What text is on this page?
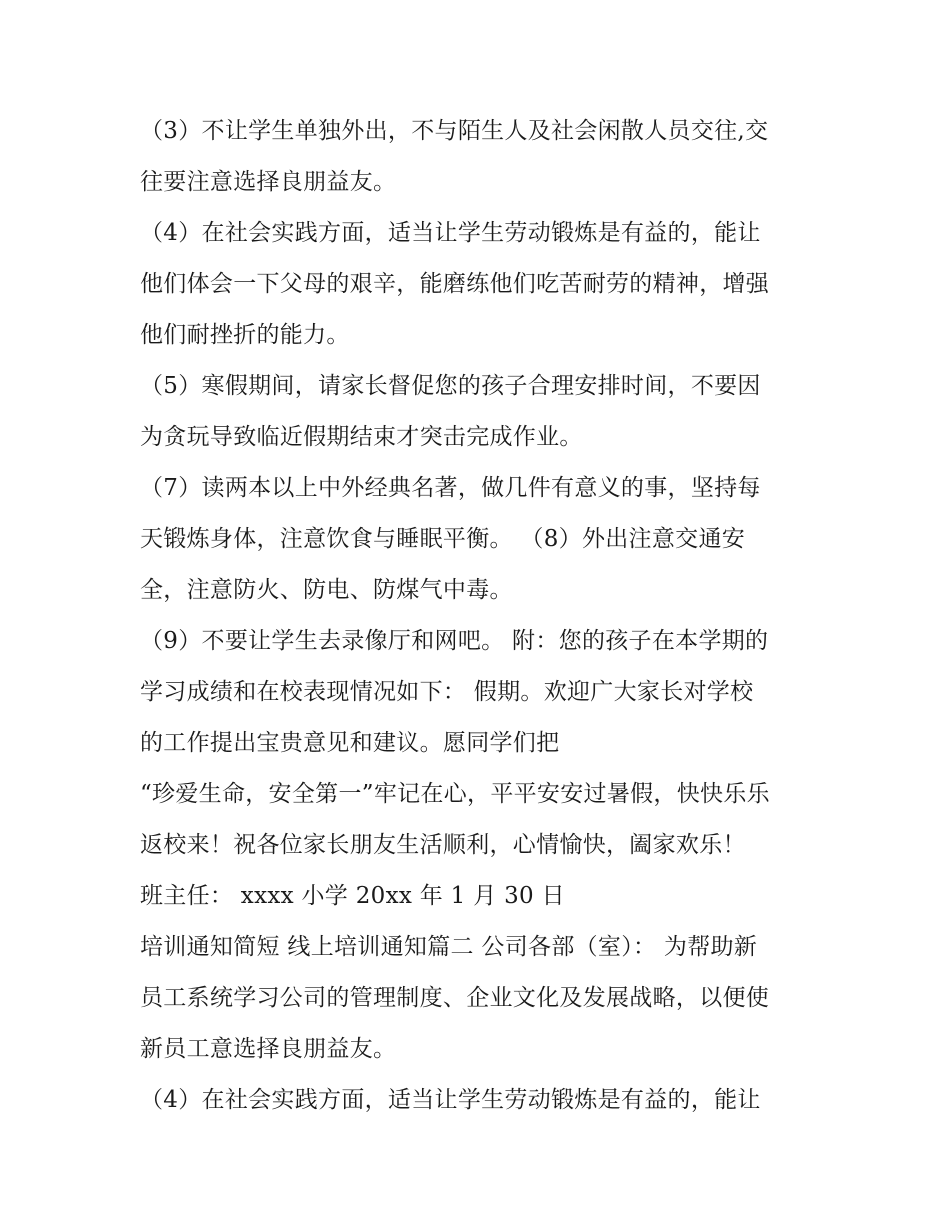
（3）不让学生单独外出，不与陌生人及社会闲散人员交往,交
往要注意选择良朋益友。
（4）在社会实践方面，适当让学生劳动锻炼是有益的，能让
他们体会一下父母的艰辛，能磨练他们吃苦耐劳的精神，增强
他们耐挫折的能力。
（5）寒假期间，请家长督促您的孩子合理安排时间，不要因
为贪玩导致临近假期结束才突击完成作业。
（7）读两本以上中外经典名著，做几件有意义的事，坚持每
天锻炼身体，注意饮食与睡眠平衡。 （8）外出注意交通安
全，注意防火、防电、防煤气中毒。
（9）不要让学生去录像厅和网吧。 附：您的孩子在本学期的
学习成绩和在校表现情况如下： 假期。欢迎广大家长对学校
的工作提出宝贵意见和建议。愿同学们把
“珍爱生命，安全第一”牢记在心，平平安安过暑假，快快乐乐
返校来！祝各位家长朋友生活顺利，心情愉快，阖家欢乐！
班主任： xxxx 小学 20xx 年 1 月 30 日
培训通知简短 线上培训通知篇二 公司各部（室）： 为帮助新
员工系统学习公司的管理制度、企业文化及发展战略，以便使
新员工意选择良朋益友。
（4）在社会实践方面，适当让学生劳动锻炼是有益的，能让
